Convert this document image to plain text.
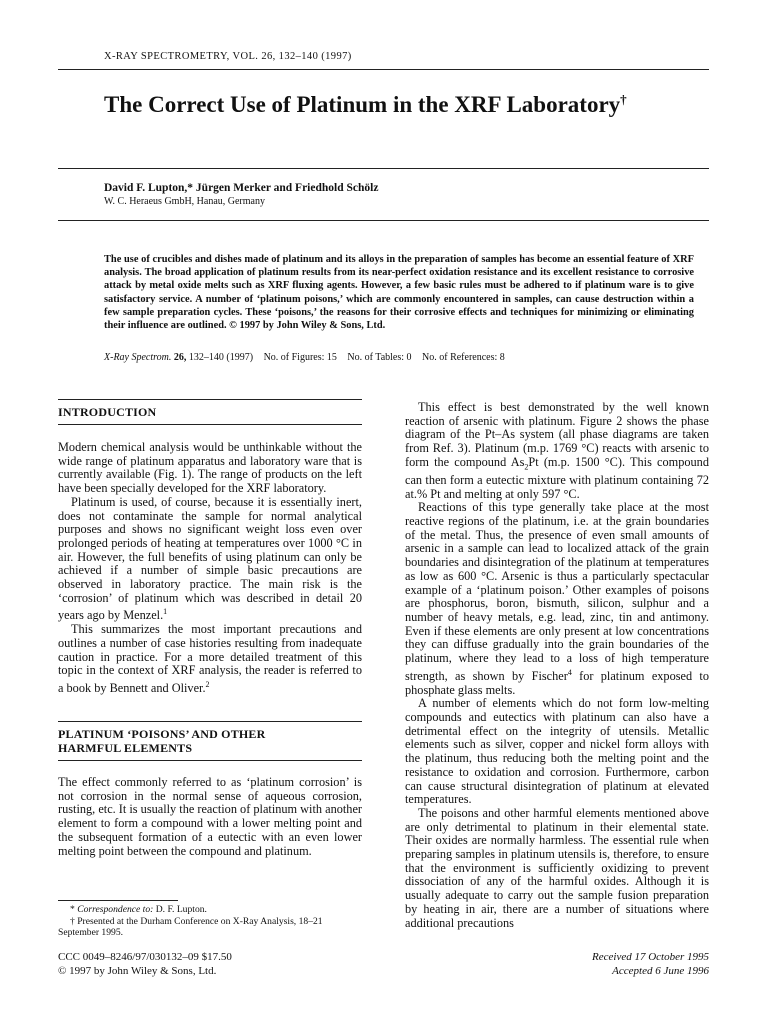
X-RAY SPECTROMETRY, VOL. 26, 132–140 (1997)
The Correct Use of Platinum in the XRF Laboratory†
David F. Lupton,* Jürgen Merker and Friedhold Schölz
W. C. Heraeus GmbH, Hanau, Germany

The use of crucibles and dishes made of platinum and its alloys in the preparation of samples has become an essential feature of XRF analysis. The broad application of platinum results from its near-perfect oxidation resistance and its excellent resistance to corrosive attack by metal oxide melts such as XRF fluxing agents. However, a few basic rules must be adhered to if platinum ware is to give satisfactory service. A number of ‘platinum poisons,’ which are commonly encountered in samples, can cause destruction within a few sample preparation cycles. These ‘poisons,’ the reasons for their corrosive effects and techniques for minimizing or eliminating their influence are outlined. © 1997 by John Wiley & Sons, Ltd.

X-Ray Spectrom. 26, 132–140 (1997) No. of Figures: 15 No. of Tables: 0 No. of References: 8
INTRODUCTION

Modern chemical analysis would be unthinkable without the wide range of platinum apparatus and laboratory ware that is currently available (Fig. 1). The range of products on the left have been specially developed for the XRF laboratory.

Platinum is used, of course, because it is essentially inert, does not contaminate the sample for normal analytical purposes and shows no significant weight loss even over prolonged periods of heating at temperatures over 1000 °C in air. However, the full benefits of using platinum can only be achieved if a number of simple basic precautions are observed in laboratory practice. The main risk is the ‘corrosion’ of platinum which was described in detail 20 years ago by Menzel.$^1$

This summarizes the most important precautions and outlines a number of case histories resulting from inadequate caution in practice. For a more detailed treatment of this topic in the context of XRF analysis, the reader is referred to a book by Bennett and Oliver.$^2$

PLATINUM ‘POISONS’ AND OTHER
HARMFUL ELEMENTS

The effect commonly referred to as ‘platinum corrosion’ is not corrosion in the normal sense of aqueous corrosion, rusting, etc. It is usually the reaction of platinum with another element to form a compound with a lower melting point and the subsequent formation of a eutectic with an even lower melting point between the compound and platinum.

* Correspondence to: D. F. Lupton.

† Presented at the Durham Conference on X-Ray Analysis, 18–21 September 1995.

CCC 0049–8246/97/030132–09 $17.50
© 1997 by John Wiley & Sons, Ltd.
Received 17 October 1995
Accepted 6 June 1996

This effect is best demonstrated by the well known reaction of arsenic with platinum. Figure 2 shows the phase diagram of the Pt–As system (all phase diagrams are taken from Ref. 3). Platinum (m.p. 1769 °C) reacts with arsenic to form the compound $As_2Pt$ (m.p. 1500 °C). This compound can then form a eutectic mixture with platinum containing 72 at.% Pt and melting at only 597 °C.

Reactions of this type generally take place at the most reactive regions of the platinum, i.e. at the grain boundaries of the metal. Thus, the presence of even small amounts of arsenic in a sample can lead to localized attack of the grain boundaries and disintegration of the platinum at temperatures as low as 600 °C. Arsenic is thus a particularly spectacular example of a ‘platinum poison.’ Other examples of poisons are phosphorus, boron, bismuth, silicon, sulphur and a number of heavy metals, e.g. lead, zinc, tin and antimony. Even if these elements are only present at low concentrations they can diffuse gradually into the grain boundaries of the platinum, where they lead to a loss of high temperature strength, as shown by Fischer$^4$ for platinum exposed to phosphate glass melts.

A number of elements which do not form low-melting compounds and eutectics with platinum can also have a detrimental effect on the integrity of utensils. Metallic elements such as silver, copper and nickel form alloys with the platinum, thus reducing both the melting point and the resistance to oxidation and corrosion. Furthermore, carbon can cause structural disintegration of platinum at elevated temperatures.

The poisons and other harmful elements mentioned above are only detrimental to platinum in their elemental state. Their oxides are normally harmless. The essential rule when preparing samples in platinum utensils is, therefore, to ensure that the environment is sufficiently oxidizing to prevent dissociation of any of the harmful oxides. Although it is usually adequate to carry out the sample fusion preparation by heating in air, there are a number of situations where additional precautions
